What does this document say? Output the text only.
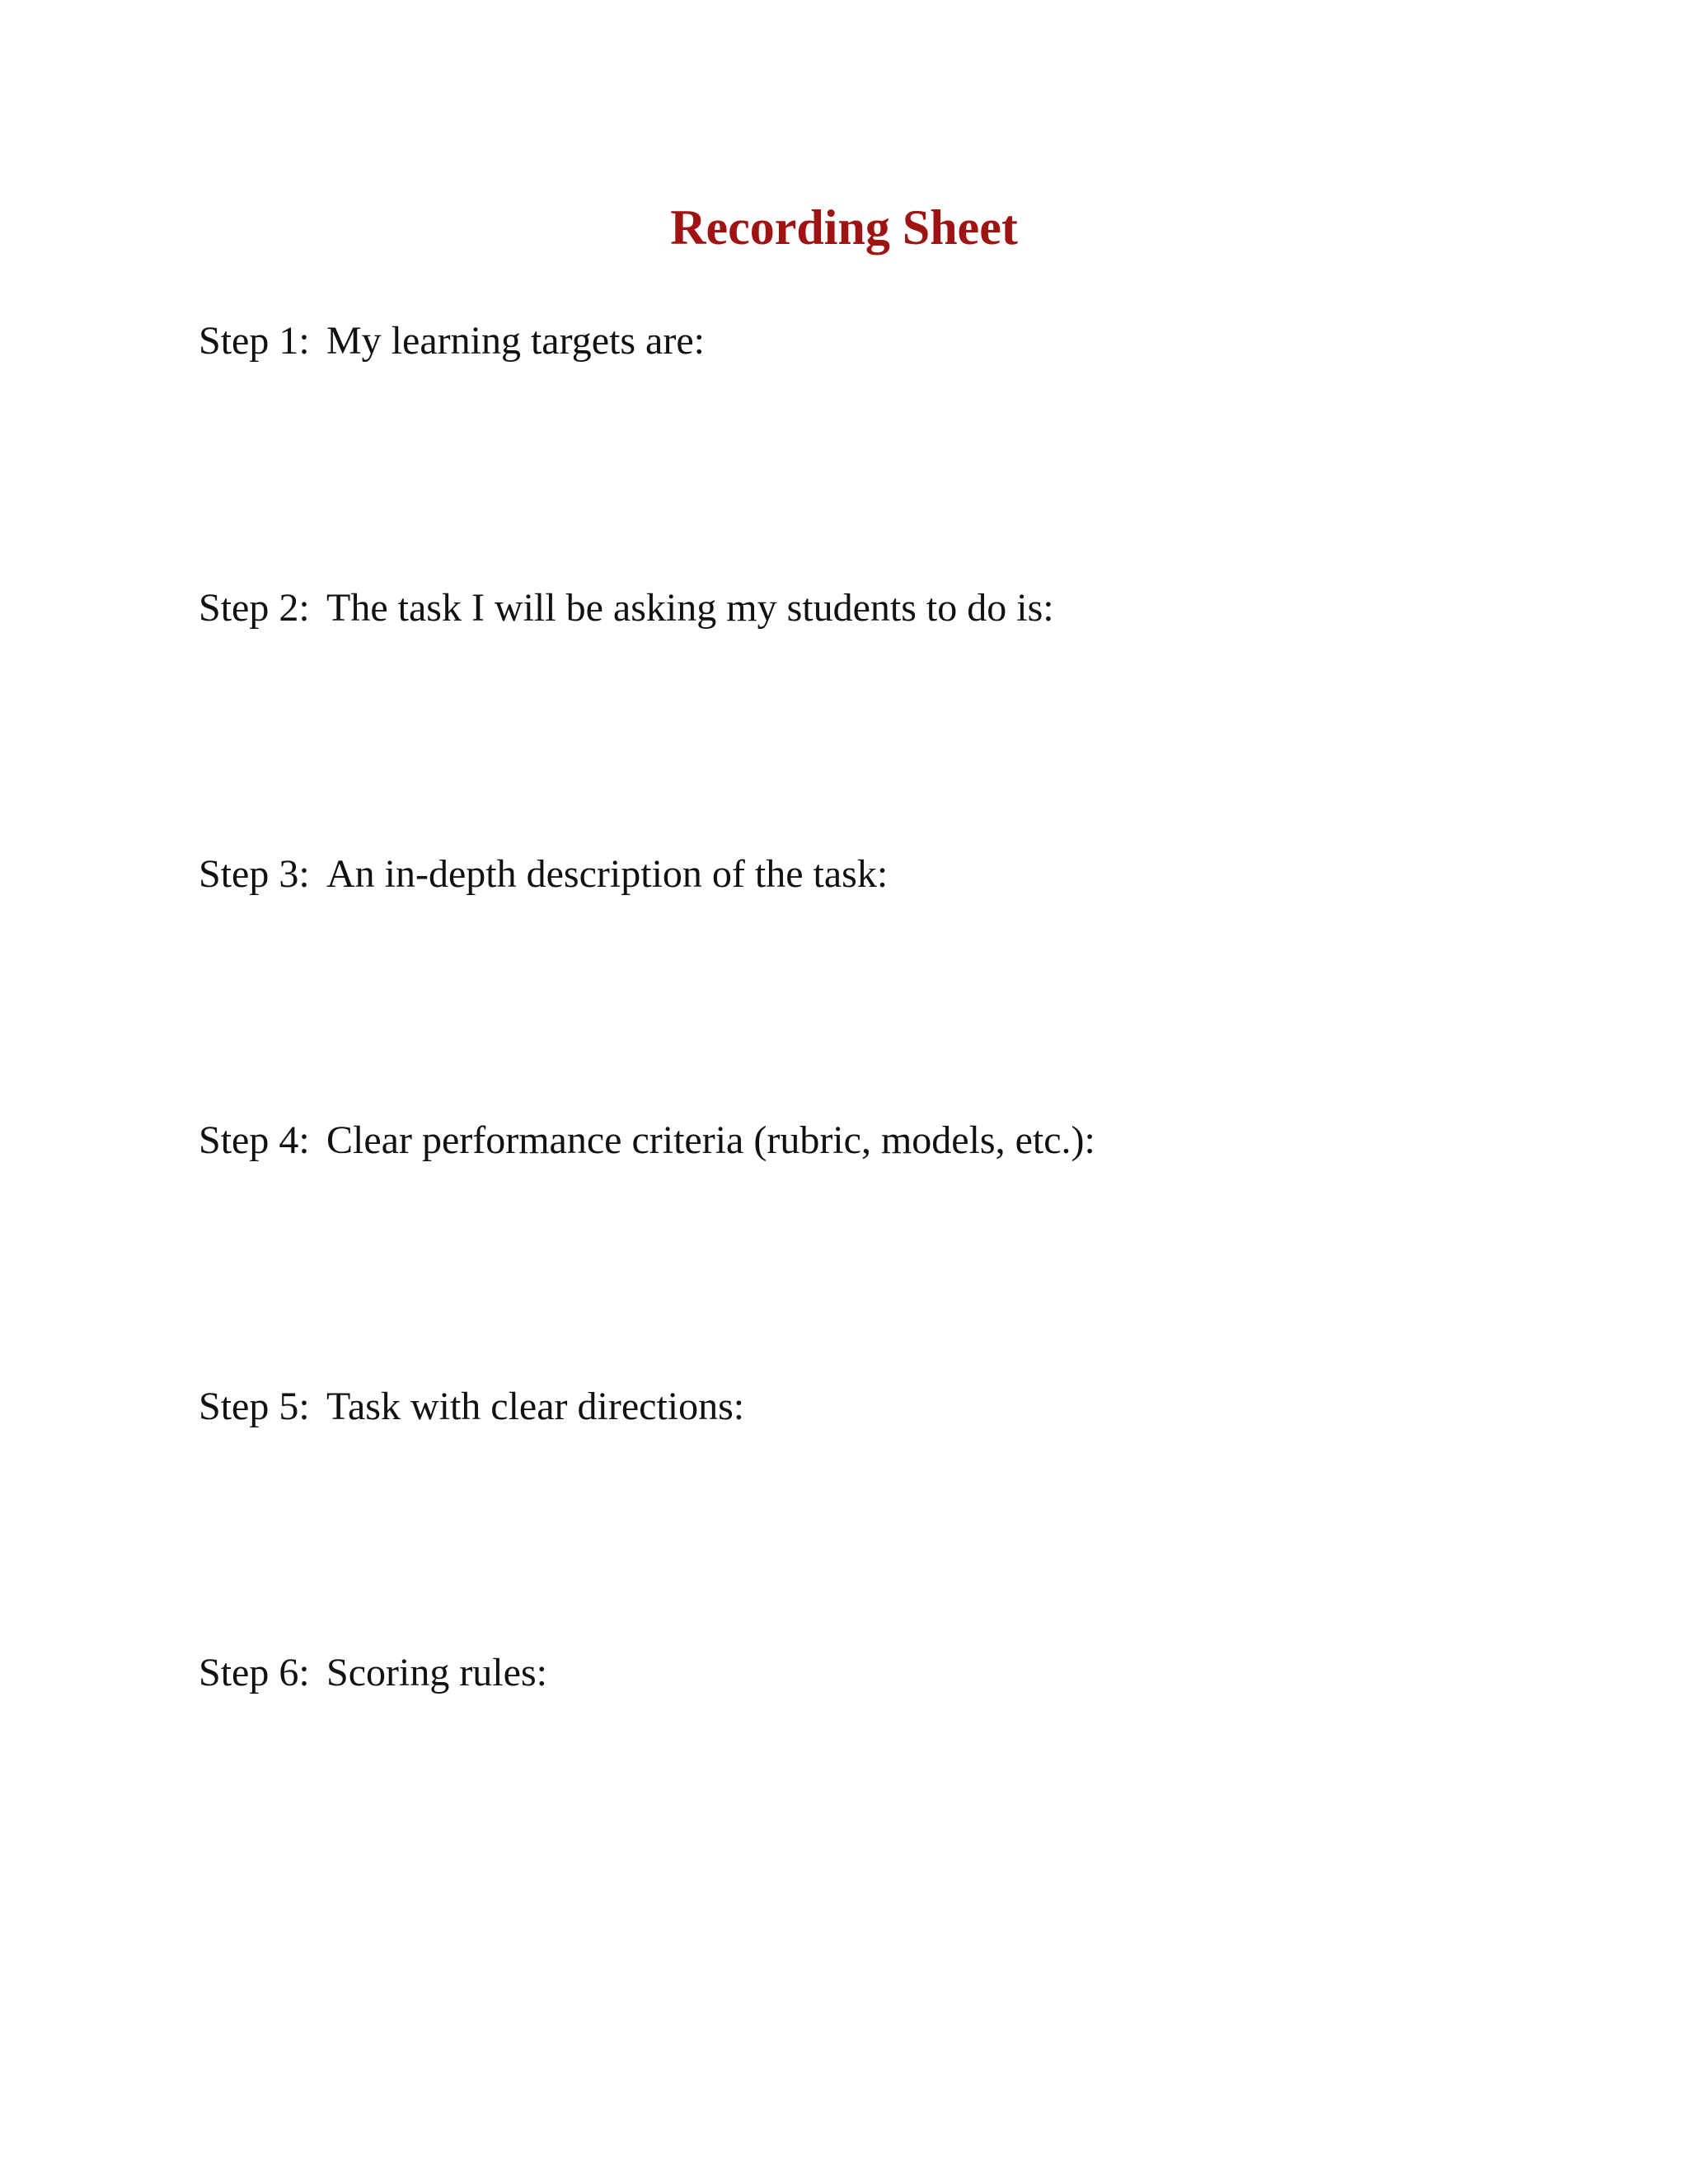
Recording Sheet

Step 1: My learning targets are:

Step 2: The task I will be asking my students to do is:

Step 3: An in-depth description of the task:

Step 4: Clear performance criteria (rubric, models, etc.):

Step 5: Task with clear directions:

Step 6: Scoring rules:
